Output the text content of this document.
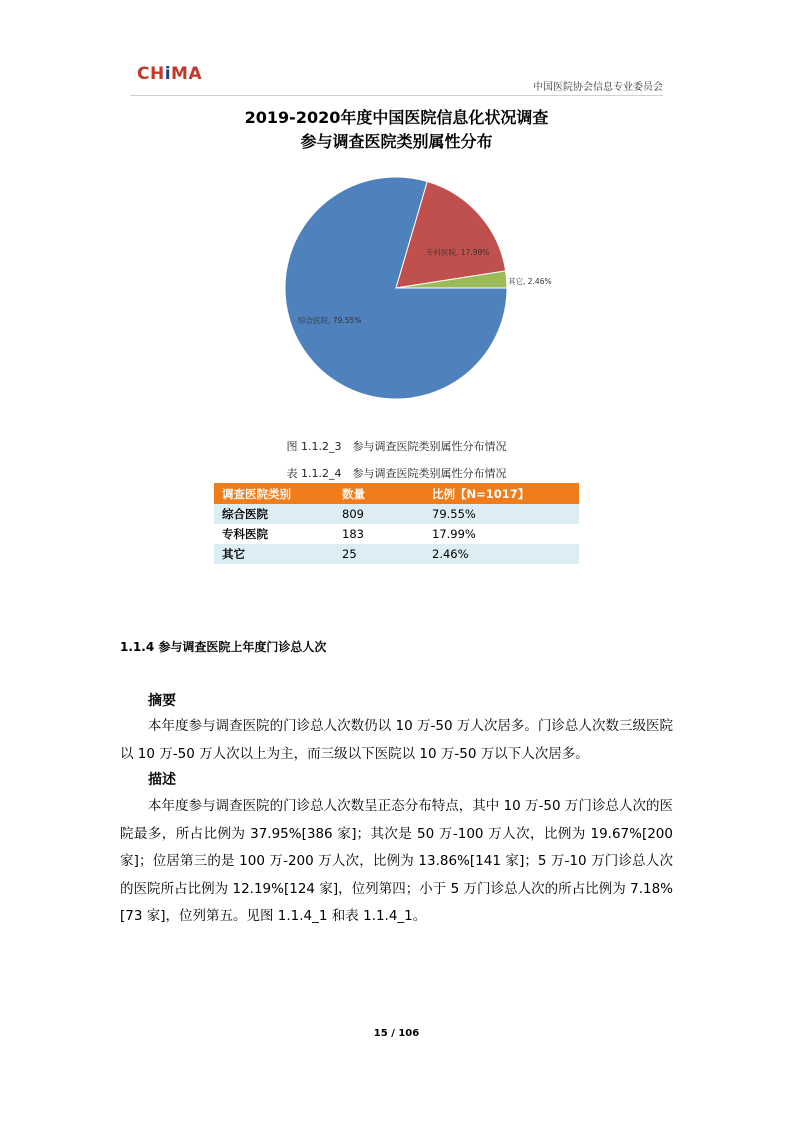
CHiMA
中国医院协会信息专业委员会
2019-2020年度中国医院信息化状况调查
参与调查医院类别属性分布
综合医院, 79.55%
专科医院, 17.99%
其它, 2.46%
图 1.1.2_3　参与调查医院类别属性分布情况
表 1.1.2_4　参与调查医院类别属性分布情况
调查医院类别	数量	比例【N=1017】
综合医院	809	79.55%
专科医院	183	17.99%
其它	25	2.46%
1.1.4 参与调查医院上年度门诊总人次
摘要
本年度参与调查医院的门诊总人次数仍以 10 万-50 万人次居多。门诊总人次数三级医院以 10 万-50 万人次以上为主，而三级以下医院以 10 万-50 万以下人次居多。
描述
本年度参与调查医院的门诊总人次数呈正态分布特点，其中 10 万-50 万门诊总人次的医院最多，所占比例为 37.95%[386 家]；其次是 50 万-100 万人次，比例为 19.67%[200 家]；位居第三的是 100 万-200 万人次，比例为 13.86%[141 家]；5 万-10 万门诊总人次的医院所占比例为 12.19%[124 家]，位列第四；小于 5 万门诊总人次的所占比例为 7.18%[73 家]，位列第五。见图 1.1.4_1 和表 1.1.4_1。
15 / 106
